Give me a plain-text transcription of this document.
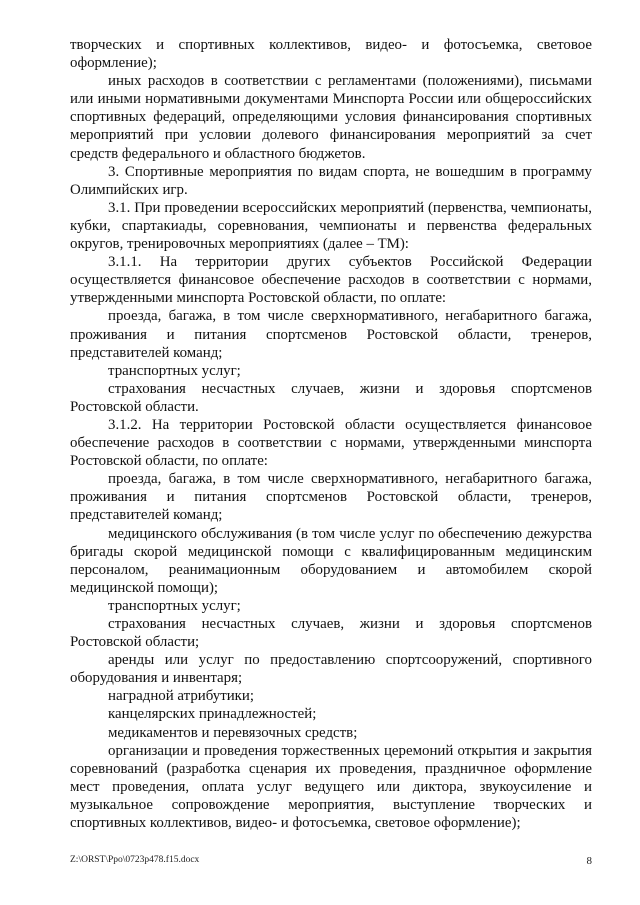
творческих и спортивных коллективов, видео- и фотосъемка, световое оформление);

иных расходов в соответствии с регламентами (положениями), письмами или иными нормативными документами Минспорта России или общероссийских спортивных федераций, определяющими условия финансирования спортивных мероприятий при условии долевого финансирования мероприятий за счет средств федерального и областного бюджетов.

3. Спортивные мероприятия по видам спорта, не вошедшим в программу Олимпийских игр.

3.1. При проведении всероссийских мероприятий (первенства, чемпионаты, кубки, спартакиады, соревнования, чемпионаты и первенства федеральных округов, тренировочных мероприятиях (далее – ТМ):

3.1.1. На территории других субъектов Российской Федерации осуществляется финансовое обеспечение расходов в соответствии с нормами, утвержденными минспорта Ростовской области, по оплате:

проезда, багажа, в том числе сверхнормативного, негабаритного багажа, проживания и питания спортсменов Ростовской области, тренеров, представителей команд;

транспортных услуг;

страхования несчастных случаев, жизни и здоровья спортсменов Ростовской области.

3.1.2. На территории Ростовской области осуществляется финансовое обеспечение расходов в соответствии с нормами, утвержденными минспорта Ростовской области, по оплате:

проезда, багажа, в том числе сверхнормативного, негабаритного багажа, проживания и питания спортсменов Ростовской области, тренеров, представителей команд;

медицинского обслуживания (в том числе услуг по обеспечению дежурства бригады скорой медицинской помощи с квалифицированным медицинским персоналом, реанимационным оборудованием и автомобилем скорой медицинской помощи);

транспортных услуг;

страхования несчастных случаев, жизни и здоровья спортсменов Ростовской области;

аренды или услуг по предоставлению спортсооружений, спортивного оборудования и инвентаря;

наградной атрибутики;

канцелярских принадлежностей;

медикаментов и перевязочных средств;

организации и проведения торжественных церемоний открытия и закрытия соревнований (разработка сценария их проведения, праздничное оформление мест проведения, оплата услуг ведущего или диктора, звукоусиление и музыкальное сопровождение мероприятия, выступление творческих и спортивных коллективов, видео- и фотосъемка, световое оформление);

Z:\ORST\Ppo\0723p478.f15.docx	8
